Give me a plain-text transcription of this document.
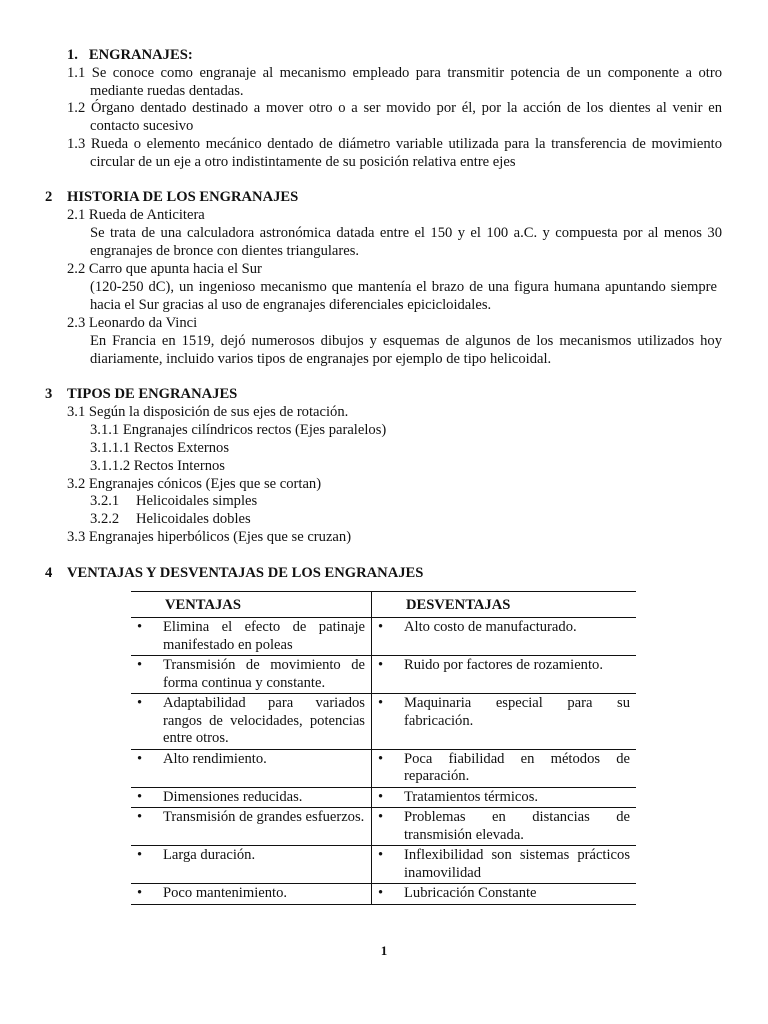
1.   ENGRANAJES:
1.1 Se conoce como engranaje al mecanismo empleado para transmitir potencia de un componente a otro
mediante ruedas dentadas.
1.2 Órgano dentado destinado a mover otro o a ser movido por él, por la acción de los dientes al venir en
contacto sucesivo
1.3 Rueda o elemento mecánico dentado de diámetro variable utilizada para la transferencia de movimiento
circular de un eje a otro indistintamente de su posición relativa entre ejes
2 HISTORIA DE LOS ENGRANAJES
2.1 Rueda de Anticitera
Se trata de una calculadora astronómica datada entre el 150 y el 100 a.C. y compuesta por al menos 30
engranajes de bronce con dientes triangulares.
2.2 Carro que apunta hacia el Sur
(120-250 dC), un ingenioso mecanismo que mantenía el brazo de una figura humana apuntando siempre
hacia el Sur gracias al uso de engranajes diferenciales epicicloidales.
2.3 Leonardo da Vinci
En Francia en 1519, dejó numerosos dibujos y esquemas de algunos de los mecanismos utilizados hoy
diariamente, incluido varios tipos de engranajes por ejemplo de tipo helicoidal.
3 TIPOS DE ENGRANAJES
3.1 Según la disposición de sus ejes de rotación.
3.1.1 Engranajes cilíndricos rectos (Ejes paralelos)
3.1.1.1 Rectos Externos
3.1.1.2 Rectos Internos
3.2 Engranajes cónicos (Ejes que se cortan)
3.2.1 Helicoidales simples
3.2.2 Helicoidales dobles
3.3 Engranajes hiperbólicos (Ejes que se cruzan)
4 VENTAJAS Y DESVENTAJAS DE LOS ENGRANAJES
VENTAJAS	DESVENTAJAS

• Elimina el efecto de patinaje manifestado en poleas	• Alto costo de manufacturado.

• Transmisión de movimiento de forma continua y constante.	• Ruido por factores de rozamiento.

• Adaptabilidad para variados rangos de velocidades, potencias entre otros.	• Maquinaria especial para su fabricación.

• Alto rendimiento.	• Poca fiabilidad en métodos de reparación.

• Dimensiones reducidas.	• Tratamientos térmicos.

• Transmisión de grandes esfuerzos.	• Problemas en distancias de transmisión elevada.

• Larga duración.	• Inflexibilidad son sistemas prácticos inamovilidad

• Poco mantenimiento.	• Lubricación Constante
1
